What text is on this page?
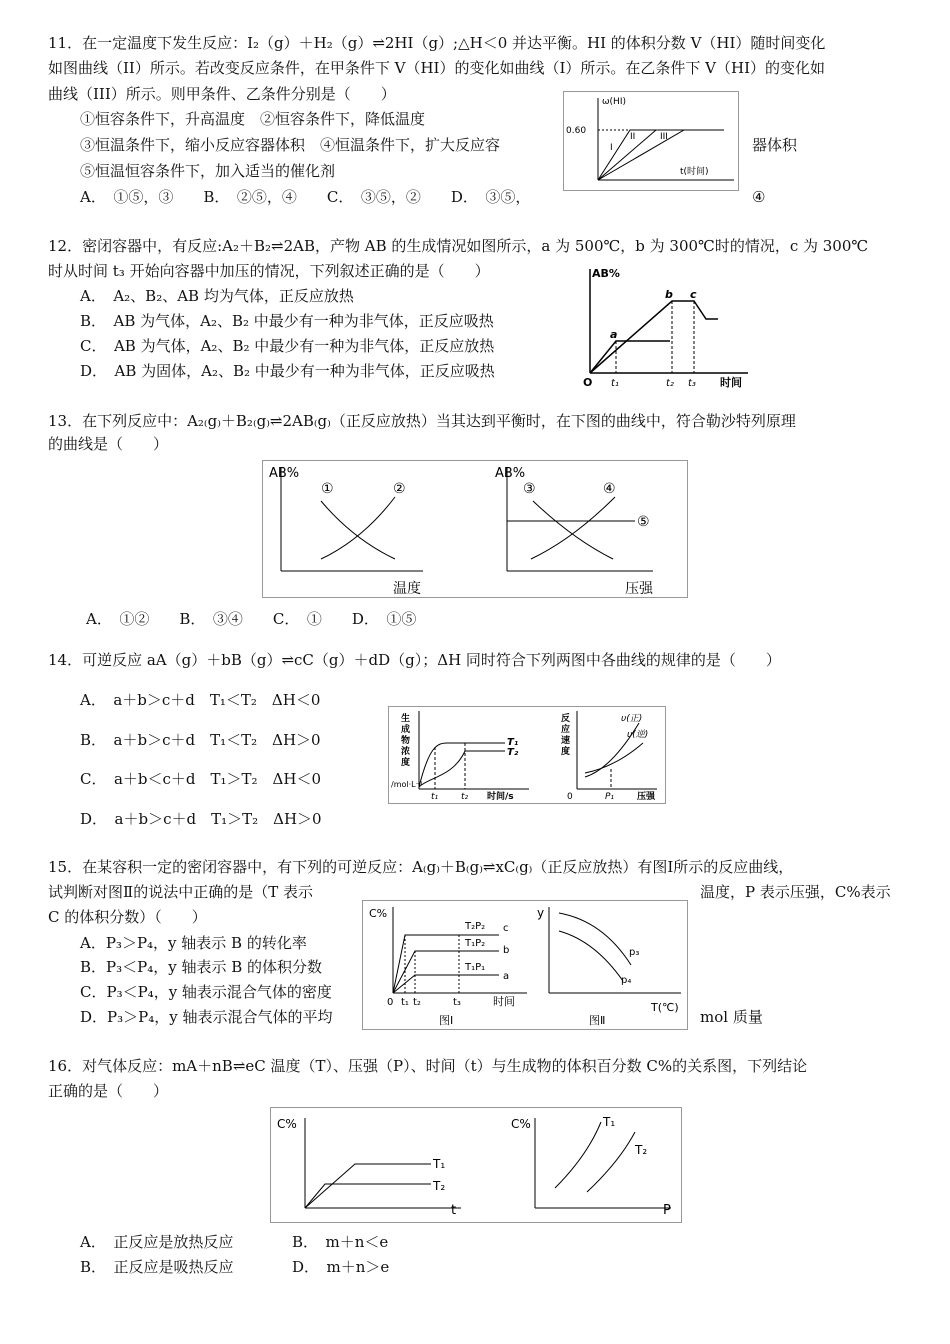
11．在一定温度下发生反应：I₂（g）＋H₂（g）⇌2HI（g）;△H＜0 并达平衡。HI 的体积分数 V（HI）随时间变化
如图曲线（II）所示。若改变反应条件，在甲条件下 V（HI）的变化如曲线（I）所示。在乙条件下 V（HI）的变化如
曲线（III）所示。则甲条件、乙条件分别是（　　）
①恒容条件下，升高温度　②恒容条件下，降低温度
③恒温条件下，缩小反应容器体积　④恒温条件下，扩大反应容	器体积
⑤恒温恒容条件下，加入适当的催化剂
A．　①⑤，③　　B．　②⑤，④　　C．　③⑤，②　　D．　③⑤，	④
ω(HI)
0.60
I
II	III
t(时间)
12．密闭容器中，有反应:A₂＋B₂⇌2AB，产物 AB 的生成情况如图所示，a 为 500℃，b 为 300℃时的情况，c 为 300℃
时从时间 t₃ 开始向容器中加压的情况，下列叙述正确的是（　　）
A．　A₂、B₂、AB 均为气体，正反应放热
B．　AB 为气体，A₂、B₂ 中最少有一种为非气体，正反应吸热
C．　AB 为气体，A₂、B₂ 中最少有一种为非气体，正反应放热
D．　AB 为固体，A₂、B₂ 中最少有一种为非气体，正反应吸热
AB%
a
b c
O t₁	t₂ t₃ 时间
13．在下列反应中：A₂₍g₎＋B₂₍g₎⇌2AB₍g₎（正反应放热）当其达到平衡时，在下图的曲线中，符合勒沙特列原理
的曲线是（　　）
AB%
①	②
温度
AB%
③	④
⑤
压强
A．　①②　　B．　③④　　C．　①　　D．　①⑤
14．可逆反应 aA（g）＋bB（g）⇌cC（g）＋dD（g）；ΔH 同时符合下列两图中各曲线的规律的是（　　）
A．　a＋b＞c＋d　T₁＜T₂　ΔH＜0
B．　a＋b＞c＋d　T₁＜T₂　ΔH＞0
C．　a＋b＜c＋d　T₁＞T₂　ΔH＜0
D．　a＋b＞c＋d　T₁＞T₂　ΔH＞0
生
成
物
浓
度
/mol·L⁻¹
T₁
T₂
t₁	t₂ 时间/s
反
应
速
度
υ(正)
υ(逆)
0	P₁	压强
15．在某容积一定的密闭容器中，有下列的可逆反应：A₍g₎＋B₍g₎⇌xC₍g₎（正反应放热）有图Ⅰ所示的反应曲线，
试判断对图Ⅱ的说法中正确的是（T 表示	温度，P 表示压强，C%表示
C 的体积分数）（　　）
A．P₃＞P₄，y 轴表示 B 的转化率
B．P₃＜P₄，y 轴表示 B 的体积分数
C．P₃＜P₄，y 轴表示混合气体的密度
D．P₃＞P₄，y 轴表示混合气体的平均	mol 质量
C%
T₂P₂
T₁P₂
T₁P₁
c
b
a
0 t₁ t₂	t₃	时间
图Ⅰ
y
p₃
p₄
T(℃)
图Ⅱ
16．对气体反应：mA＋nB⇌eC 温度（T）、压强（P）、时间（t）与生成物的体积百分数 C%的关系图，下列结论
正确的是（　　）
C%
T₁
T₂
t
C%	T₁
T₂
P
A．　正反应是放热反应	B．　m＋n＜e
B．　正反应是吸热反应	D．　m＋n＞e
